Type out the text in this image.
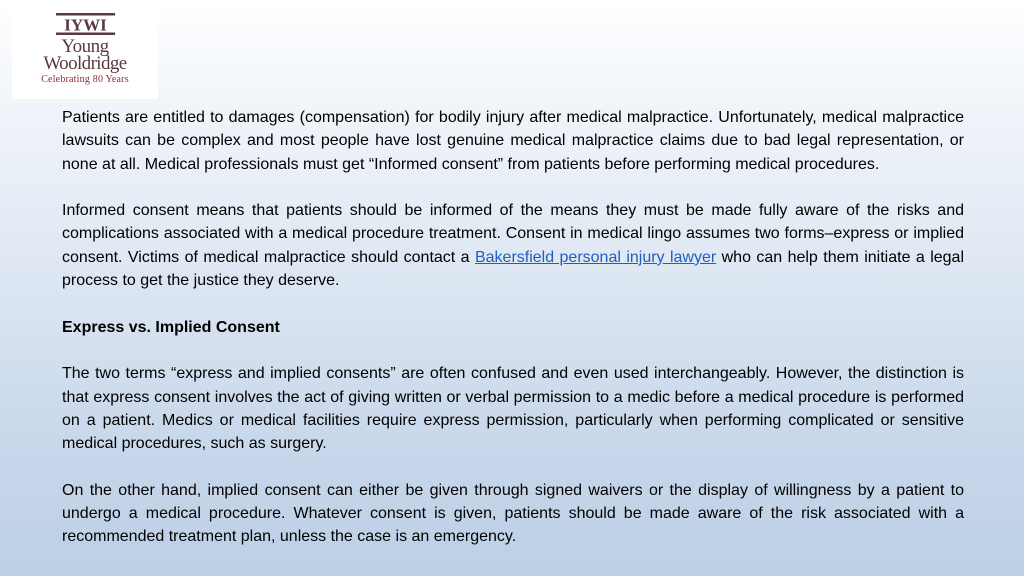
IYWI
Young
Wooldridge
Celebrating 80 Years

Patients are entitled to damages (compensation) for bodily injury after medical malpractice. Unfortunately, medical malpractice lawsuits can be complex and most people have lost genuine medical malpractice claims due to bad legal representation, or none at all. Medical professionals must get “Informed consent” from patients before performing medical procedures.

Informed consent means that patients should be informed of the means they must be made fully aware of the risks and complications associated with a medical procedure treatment. Consent in medical lingo assumes two forms–express or implied consent. Victims of medical malpractice should contact a Bakersfield personal injury lawyer who can help them initiate a legal process to get the justice they deserve.

Express vs. Implied Consent

The two terms “express and implied consents” are often confused and even used interchangeably. However, the distinction is that express consent involves the act of giving written or verbal permission to a medic before a medical procedure is performed on a patient. Medics or medical facilities require express permission, particularly when performing complicated or sensitive medical procedures, such as surgery.

On the other hand, implied consent can either be given through signed waivers or the display of willingness by a patient to undergo a medical procedure. Whatever consent is given, patients should be made aware of the risk associated with a recommended treatment plan, unless the case is an emergency.
